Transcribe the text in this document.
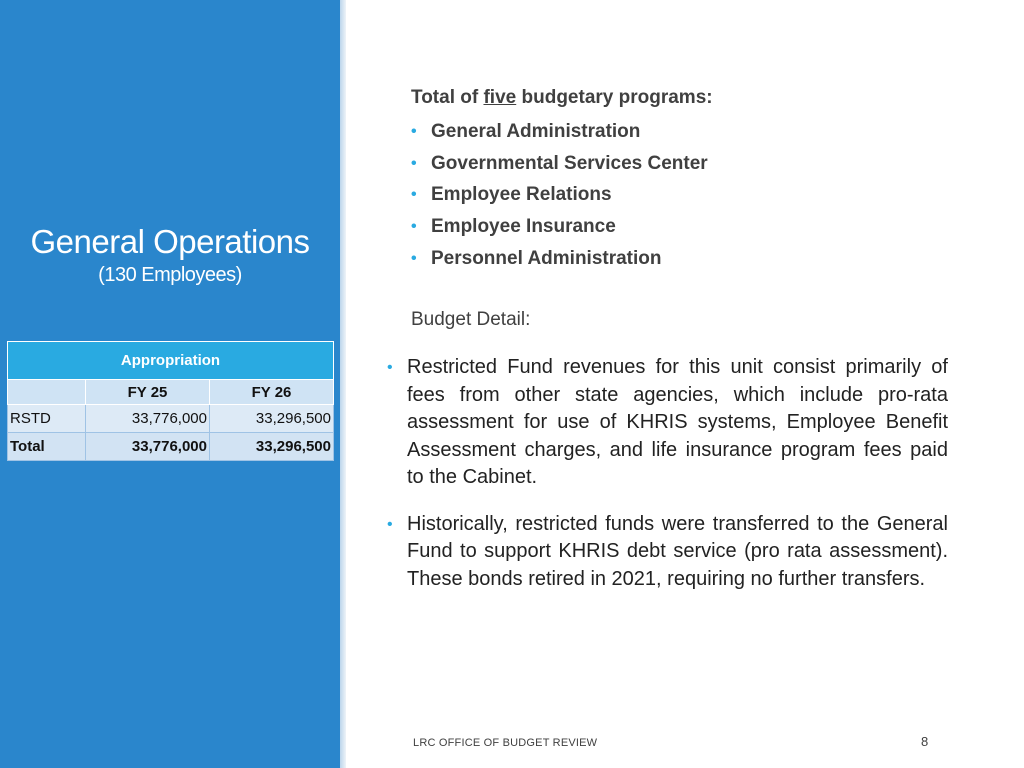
General Operations
(130 Employees)
Appropriation		
	FY 25	FY 26
RSTD	33,776,000	33,296,500
Total	33,776,000	33,296,500
Total of five budgetary programs:
• General Administration
• Governmental Services Center
• Employee Relations
• Employee Insurance
• Personnel Administration
Budget Detail:
• Restricted Fund revenues for this unit consist primarily of fees from other state agencies, which include pro-rata assessment for use of KHRIS systems, Employee Benefit Assessment charges, and life insurance program fees paid to the Cabinet.
• Historically, restricted funds were transferred to the General Fund to support KHRIS debt service (pro rata assessment). These bonds retired in 2021, requiring no further transfers.
LRC OFFICE OF BUDGET REVIEW	8
